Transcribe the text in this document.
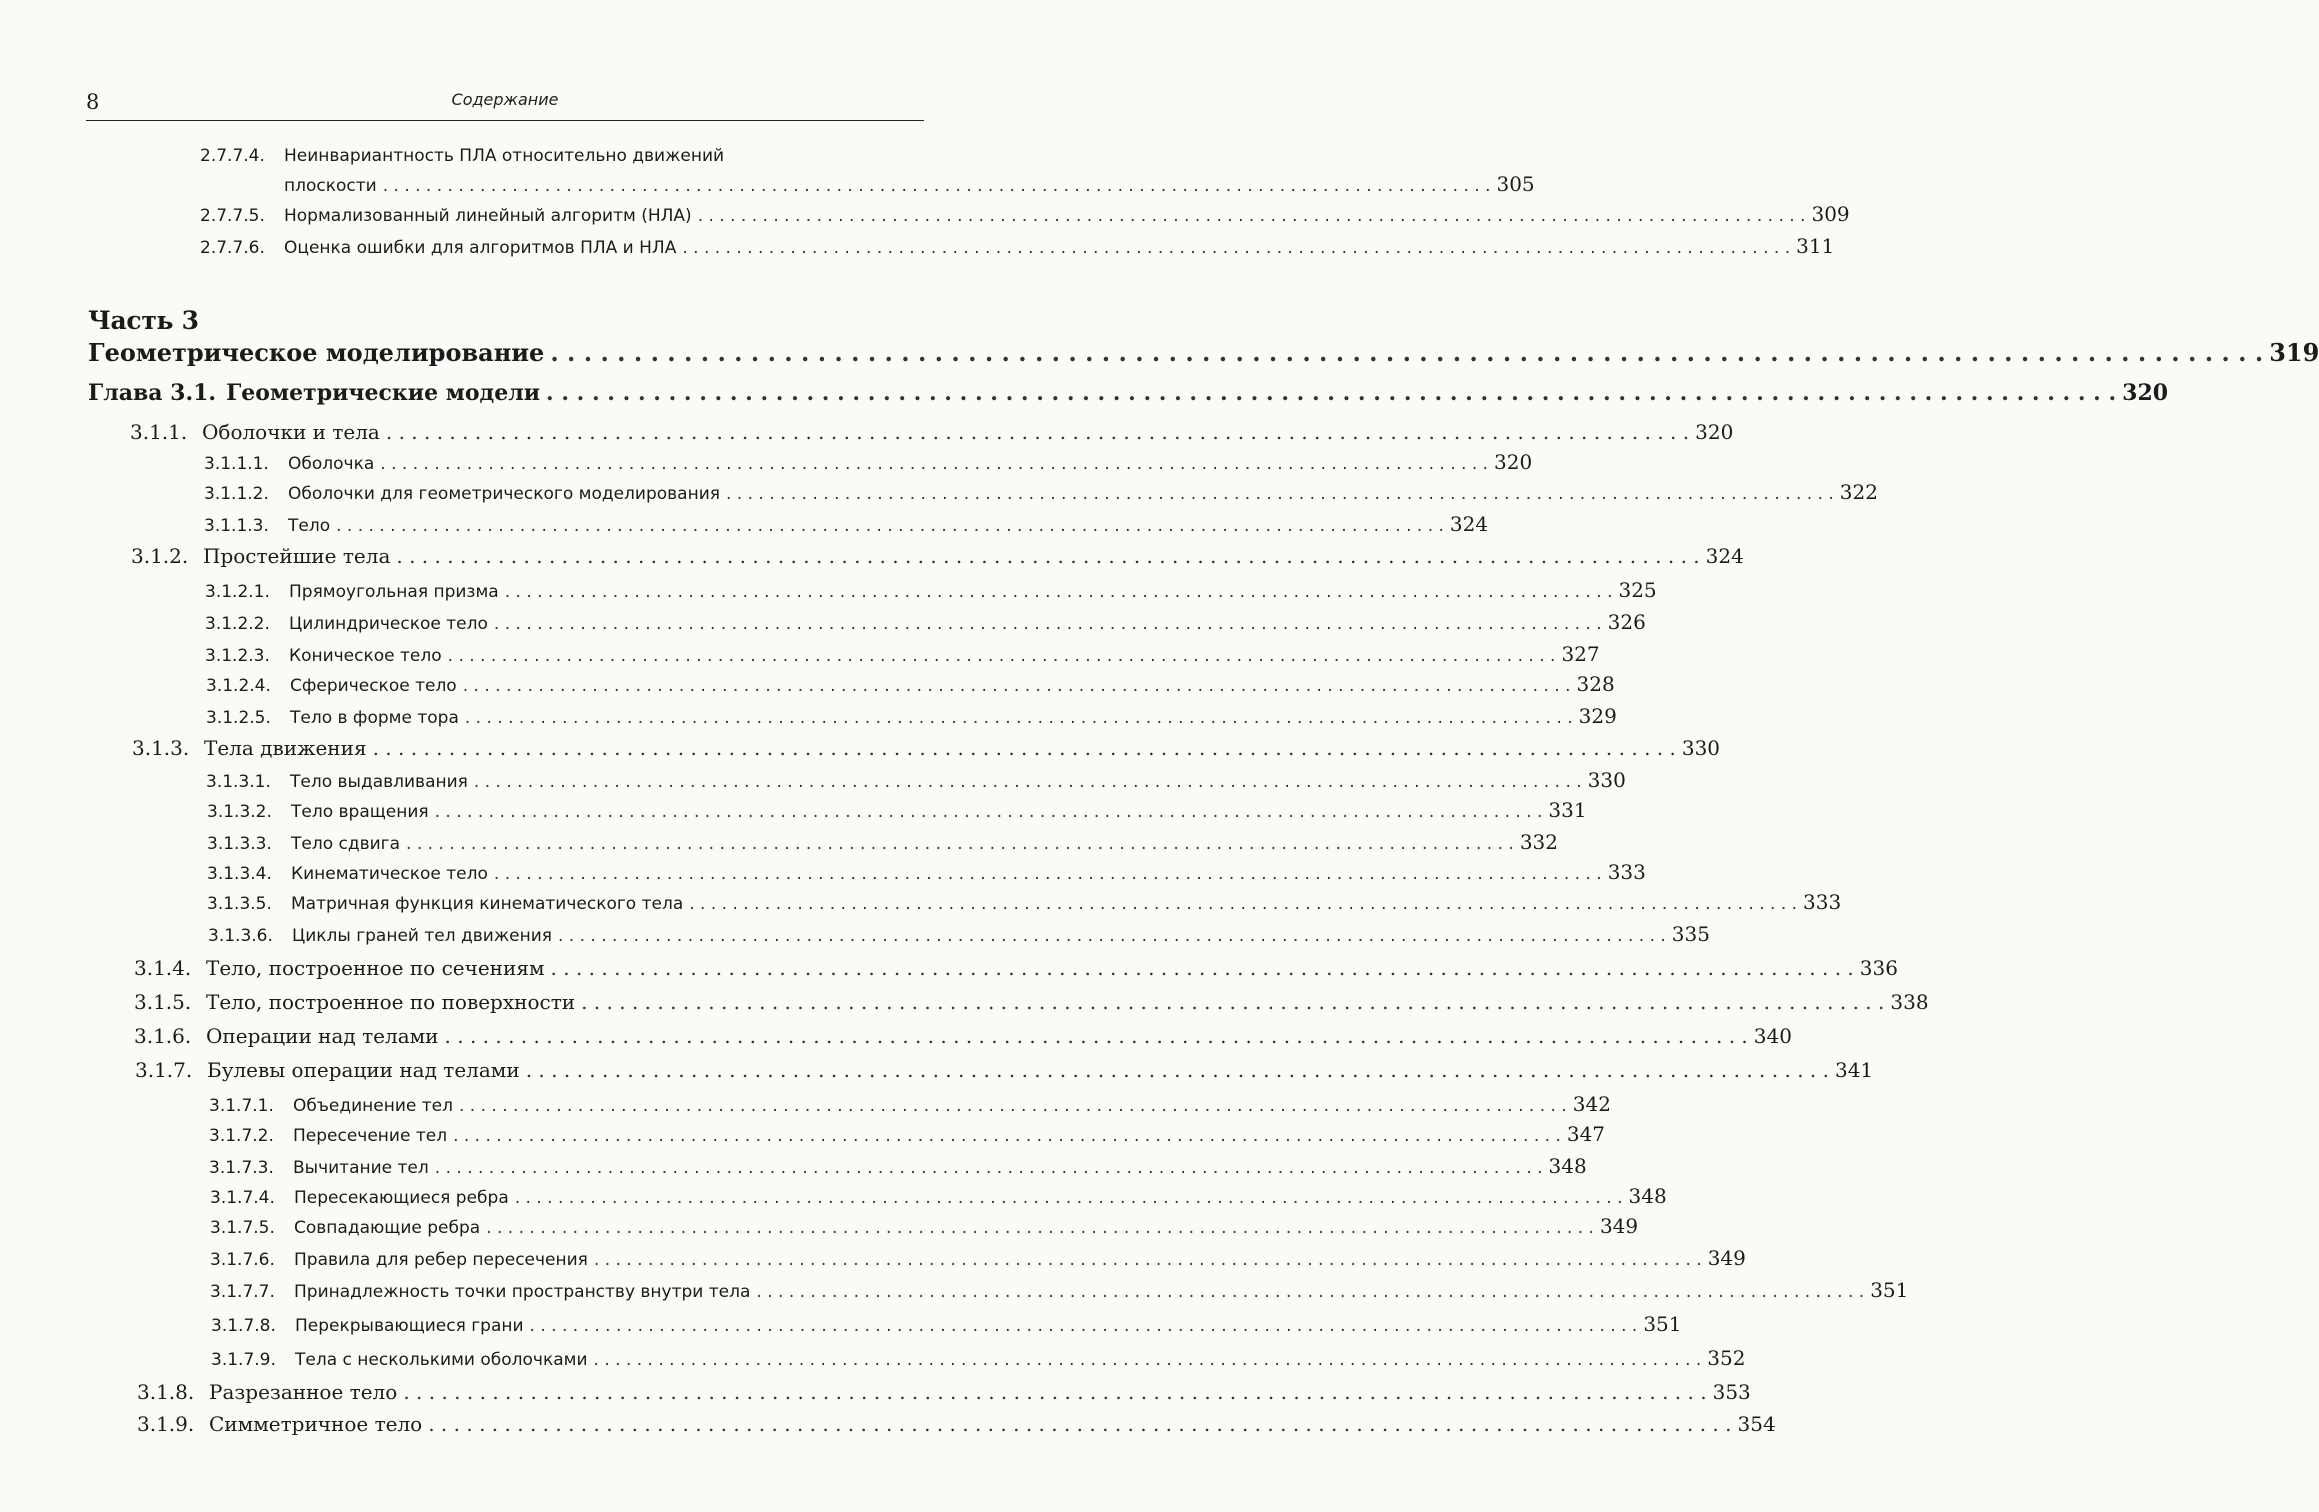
8	Содержание
2.7.7.4.	Неинвариантность ПЛА относительно движений
плоскости . . .	305
2.7.7.5.	Нормализованный линейный алгоритм (НЛА) . . .	309
2.7.7.6.	Оценка ошибки для алгоритмов ПЛА и НЛА . . .	311
Часть 3
Геометрическое моделирование . . .	319
Глава 3.1. Геометрические модели . . .	320
3.1.1. Оболочки и тела . . .	320
3.1.1.1.	Оболочка . . .	320
3.1.1.2.	Оболочки для геометрического моделирования . . .	322
3.1.1.3.	Тело . . .	324
3.1.2. Простейшие тела . . .	324
3.1.2.1.	Прямоугольная призма . . .	325
3.1.2.2.	Цилиндрическое тело . . .	326
3.1.2.3.	Коническое тело . . .	327
3.1.2.4.	Сферическое тело . . .	328
3.1.2.5.	Тело в форме тора . . .	329
3.1.3. Тела движения . . .	330
3.1.3.1.	Тело выдавливания . . .	330
3.1.3.2.	Тело вращения . . .	331
3.1.3.3.	Тело сдвига . . .	332
3.1.3.4.	Кинематическое тело . . .	333
3.1.3.5.	Матричная функция кинематического тела . . .	333
3.1.3.6.	Циклы граней тел движения . . .	335
3.1.4. Тело, построенное по сечениям . . .	336
3.1.5. Тело, построенное по поверхности . . .	338
3.1.6. Операции над телами . . .	340
3.1.7. Булевы операции над телами . . .	341
3.1.7.1.	Объединение тел . . .	342
3.1.7.2.	Пересечение тел . . .	347
3.1.7.3.	Вычитание тел . . .	348
3.1.7.4.	Пересекающиеся ребра . . .	348
3.1.7.5.	Совпадающие ребра . . .	349
3.1.7.6.	Правила для ребер пересечения . . .	349
3.1.7.7.	Принадлежность точки пространству внутри тела . . .	351
3.1.7.8.	Перекрывающиеся грани . . .	351
3.1.7.9.	Тела с несколькими оболочками . . .	352
3.1.8. Разрезанное тело . . .	353
3.1.9. Симметричное тело . . .	354
